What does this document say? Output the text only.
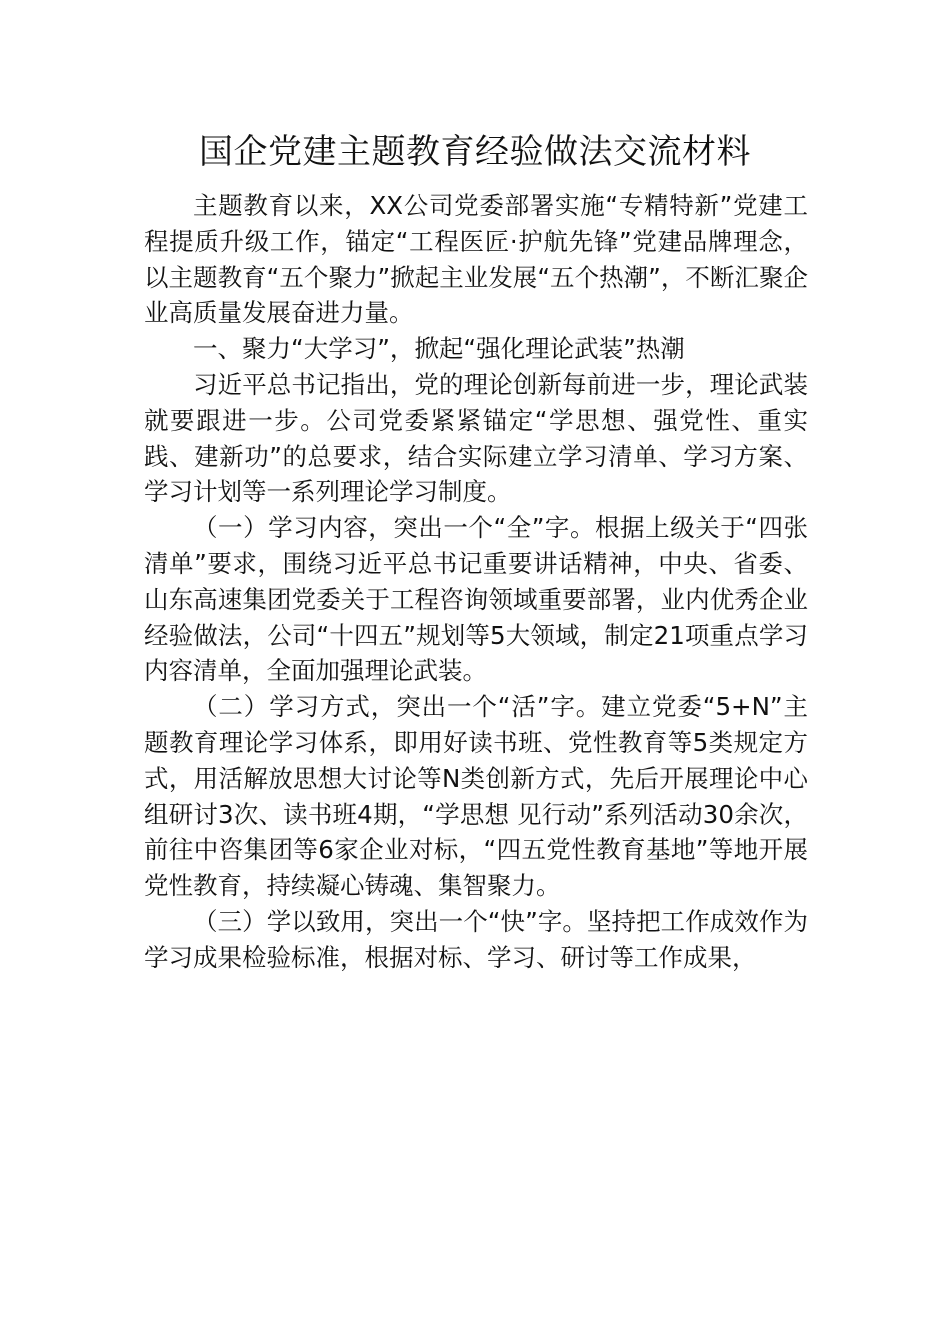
国企党建主题教育经验做法交流材料

主题教育以来，XX公司党委部署实施“专精特新”党建工程提质升级工作，锚定“工程医匠·护航先锋”党建品牌理念，以主题教育“五个聚力”掀起主业发展“五个热潮”，不断汇聚企业高质量发展奋进力量。

一、聚力“大学习”，掀起“强化理论武装”热潮

习近平总书记指出，党的理论创新每前进一步，理论武装就要跟进一步。公司党委紧紧锚定“学思想、强党性、重实践、建新功”的总要求，结合实际建立学习清单、学习方案、学习计划等一系列理论学习制度。

（一）学习内容，突出一个“全”字。根据上级关于“四张清单”要求，围绕习近平总书记重要讲话精神，中央、省委、山东高速集团党委关于工程咨询领域重要部署，业内优秀企业经验做法，公司“十四五”规划等5大领域，制定21项重点学习内容清单，全面加强理论武装。

（二）学习方式，突出一个“活”字。建立党委“5+N”主题教育理论学习体系，即用好读书班、党性教育等5类规定方式，用活解放思想大讨论等N类创新方式，先后开展理论中心组研讨3次、读书班4期，“学思想 见行动”系列活动30余次，前往中咨集团等6家企业对标，“四五党性教育基地”等地开展党性教育，持续凝心铸魂、集智聚力。

（三）学以致用，突出一个“快”字。坚持把工作成效作为学习成果检验标准，根据对标、学习、研讨等工作成果，
